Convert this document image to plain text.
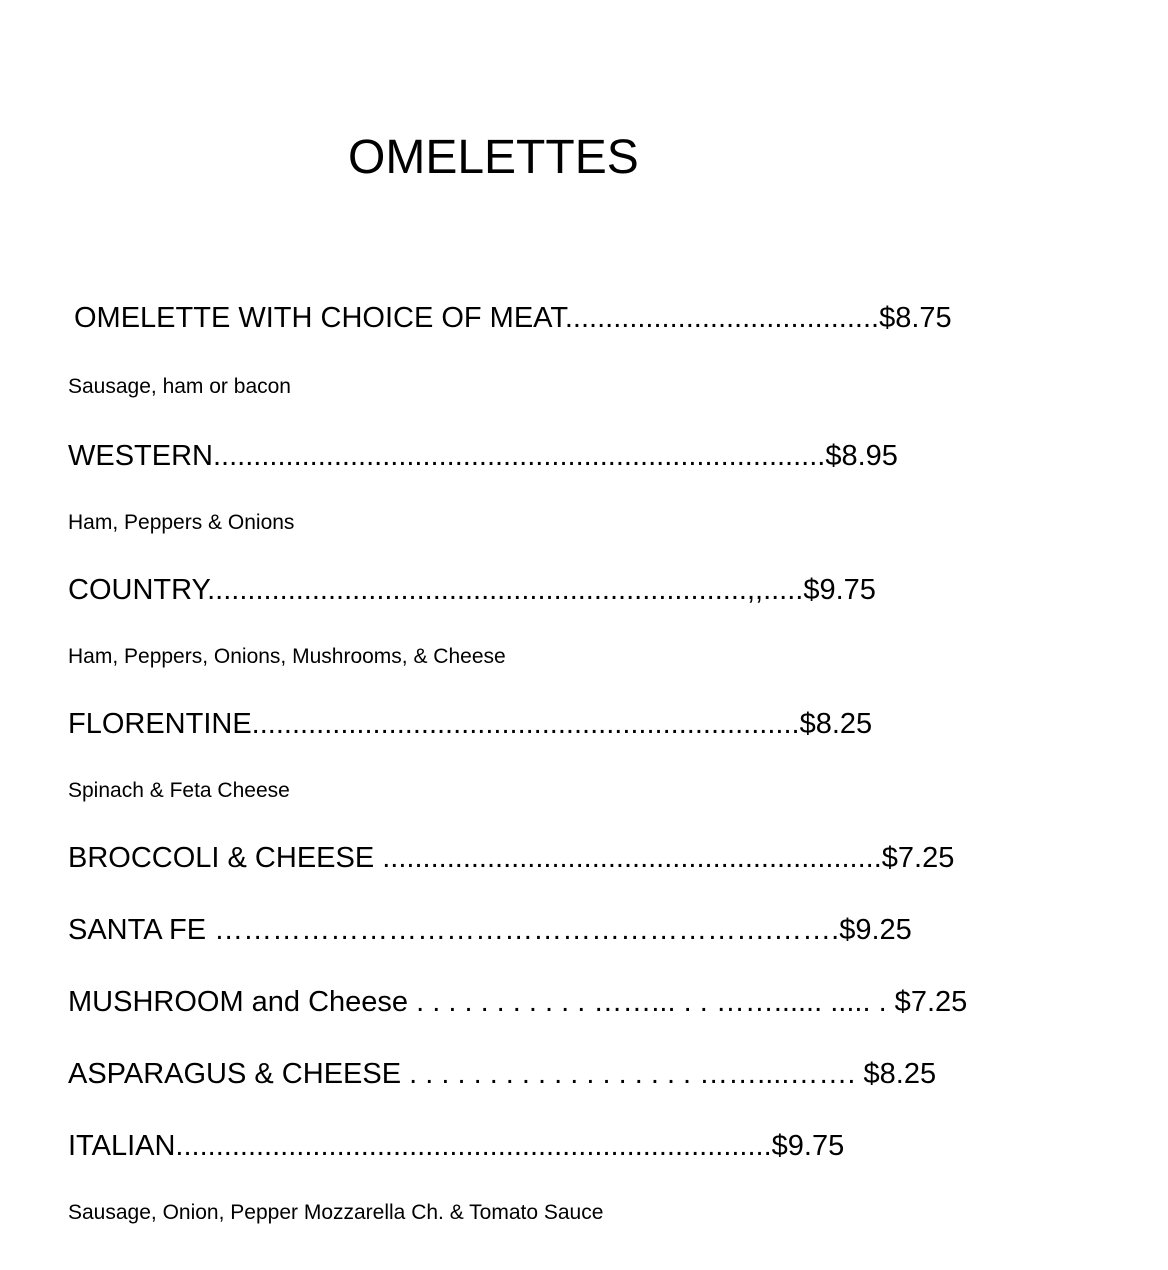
OMELETTES
OMELETTE WITH CHOICE OF MEAT.......................................$8.75
Sausage, ham or bacon
WESTERN............................................................................$8.95
Ham, Peppers & Onions
COUNTRY...................................................................,,.....$9.75
Ham, Peppers, Onions, Mushrooms, & Cheese
FLORENTINE....................................................................$8.25
Spinach & Feta Cheese
BROCCOLI & CHEESE ..............................................................$7.25
SANTA FE ………………………………………………….…….$9.25
MUSHROOM and Cheese . . . . . . . . . . . ……... . . ……...... ..... . $7.25
ASPARAGUS & CHEESE . . . . . . . . . . . . . . . . . . ……....……. $8.25
ITALIAN..........................................................................$9.75
Sausage, Onion, Pepper Mozzarella Ch. & Tomato Sauce
